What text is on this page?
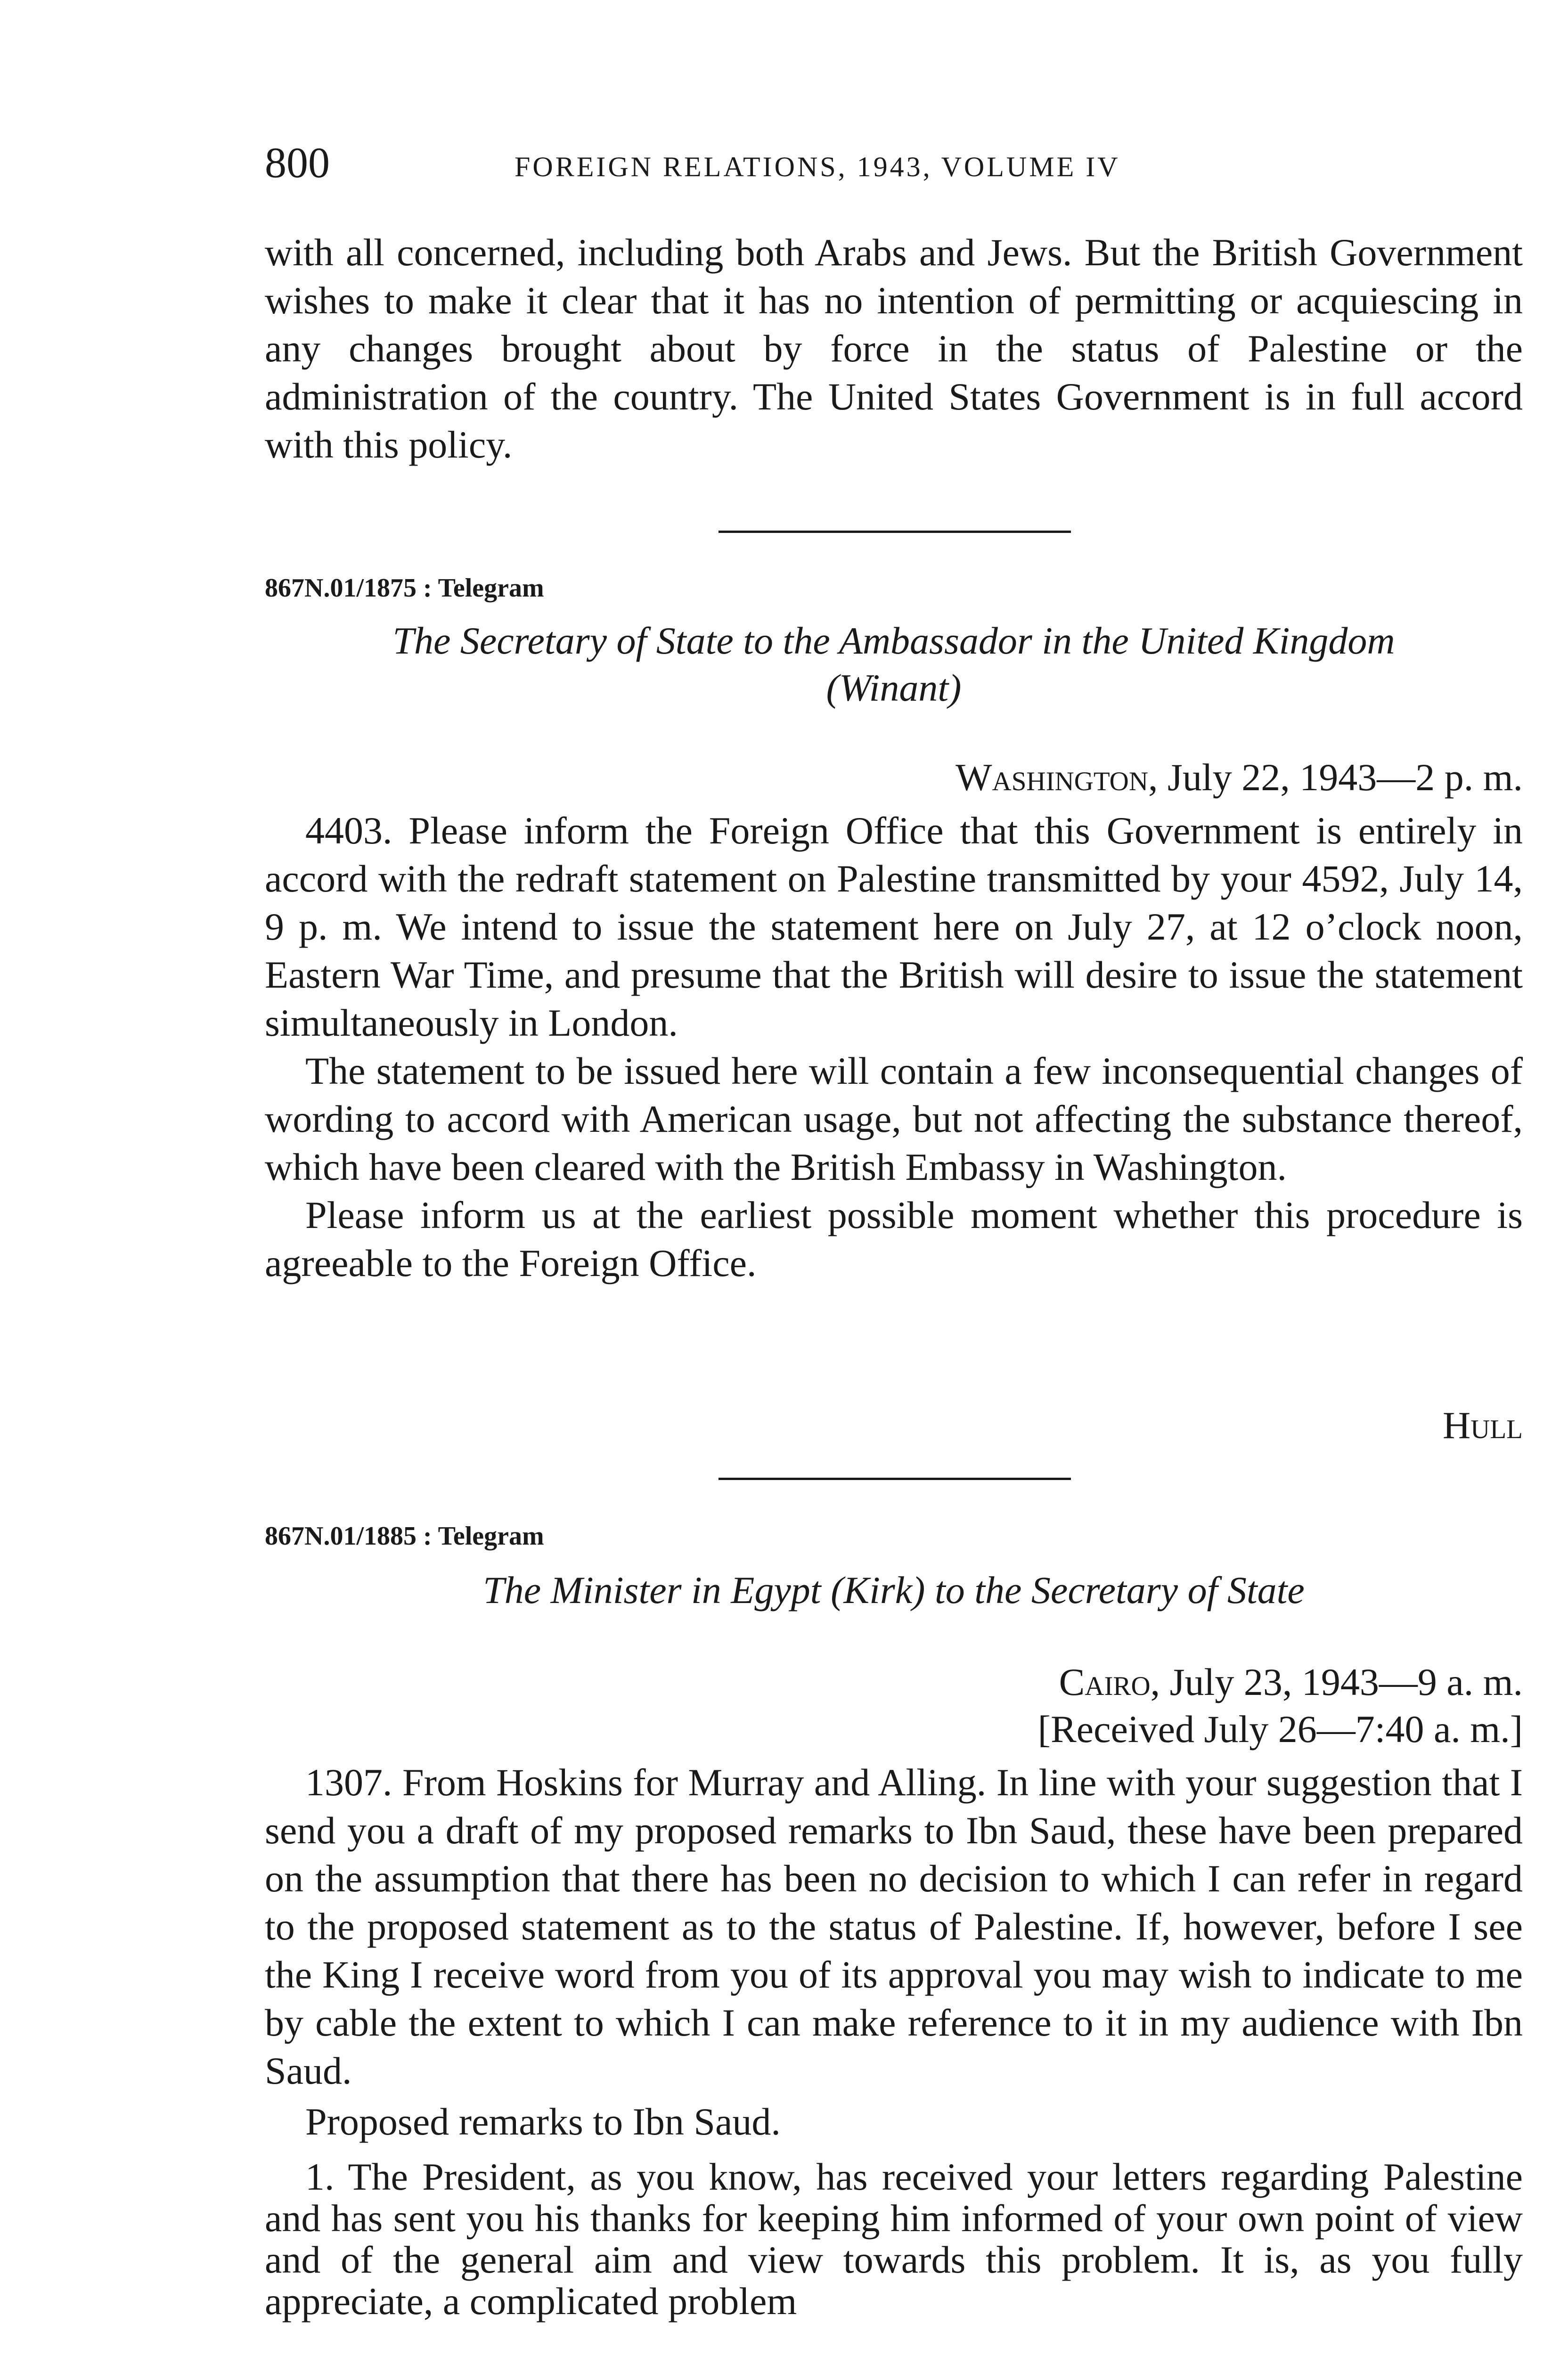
800	FOREIGN RELATIONS, 1943, VOLUME IV

with all concerned, including both Arabs and Jews. But the British Government wishes to make it clear that it has no intention of permitting or acquiescing in any changes brought about by force in the status of Palestine or the administration of the country. The United States Government is in full accord with this policy.

867N.01/1875 : Telegram
The Secretary of State to the Ambassador in the United Kingdom
(Winant)
Washington, July 22, 1943—2 p. m.

4403. Please inform the Foreign Office that this Government is entirely in accord with the redraft statement on Palestine transmitted by your 4592, July 14, 9 p. m. We intend to issue the statement here on July 27, at 12 o’clock noon, Eastern War Time, and presume that the British will desire to issue the statement simultaneously in London.

The statement to be issued here will contain a few inconsequential changes of wording to accord with American usage, but not affecting the substance thereof, which have been cleared with the British Embassy in Washington.

Please inform us at the earliest possible moment whether this procedure is agreeable to the Foreign Office.

Hull
867N.01/1885 : Telegram
The Minister in Egypt (Kirk) to the Secretary of State
Cairo, July 23, 1943—9 a. m.
[Received July 26—7:40 a. m.]

1307. From Hoskins for Murray and Alling. In line with your suggestion that I send you a draft of my proposed remarks to Ibn Saud, these have been prepared on the assumption that there has been no decision to which I can refer in regard to the proposed statement as to the status of Palestine. If, however, before I see the King I receive word from you of its approval you may wish to indicate to me by cable the extent to which I can make reference to it in my audience with Ibn Saud.

Proposed remarks to Ibn Saud.

1. The President, as you know, has received your letters regarding Palestine and has sent you his thanks for keeping him informed of your own point of view and of the general aim and view towards this problem. It is, as you fully appreciate, a complicated problem
